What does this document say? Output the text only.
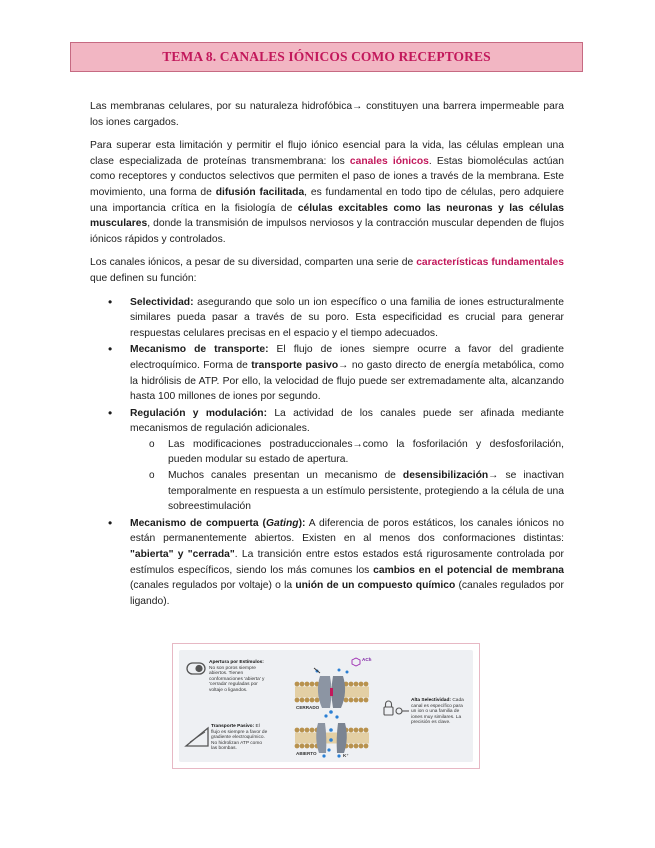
TEMA 8. CANALES IÓNICOS COMO RECEPTORES

Las membranas celulares, por su naturaleza hidrofóbica→ constituyen una barrera impermeable para los iones cargados.

Para superar esta limitación y permitir el flujo iónico esencial para la vida, las células emplean una clase especializada de proteínas transmembrana: los canales iónicos. Estas biomoléculas actúan como receptores y conductos selectivos que permiten el paso de iones a través de la membrana. Este movimiento, una forma de difusión facilitada, es fundamental en todo tipo de células, pero adquiere una importancia crítica en la fisiología de células excitables como las neuronas y las células musculares, donde la transmisión de impulsos nerviosos y la contracción muscular dependen de flujos iónicos rápidos y controlados.

Los canales iónicos, a pesar de su diversidad, comparten una serie de características fundamentales que definen su función:

• Selectividad: asegurando que solo un ion específico o una familia de iones estructuralmente similares pueda pasar a través de su poro. Esta especificidad es crucial para generar respuestas celulares precisas en el espacio y el tiempo adecuados.
• Mecanismo de transporte: El flujo de iones siempre ocurre a favor del gradiente electroquímico. Forma de transporte pasivo→ no gasto directo de energía metabólica, como la hidrólisis de ATP. Por ello, la velocidad de flujo puede ser extremadamente alta, alcanzando hasta 100 millones de iones por segundo.
• Regulación y modulación: La actividad de los canales puede ser afinada mediante mecanismos de regulación adicionales.
o Las modificaciones postraduccionales→como la fosforilación y desfosforilación, pueden modular su estado de apertura.
o Muchos canales presentan un mecanismo de desensibilización→ se inactivan temporalmente en respuesta a un estímulo persistente, protegiendo a la célula de una sobreestimulación
• Mecanismo de compuerta (Gating): A diferencia de poros estáticos, los canales iónicos no están permanentemente abiertos. Existen en al menos dos conformaciones distintas: "abierta" y "cerrada". La transición entre estos estados está rigurosamente controlada por estímulos específicos, siendo los más comunes los cambios en el potencial de membrana (canales regulados por voltaje) o la unión de un compuesto químico (canales regulados por ligando).
Apertura por Estímulos: No son poros siempre abiertos. Tienen conformaciones 'abierta' y 'cerrada' reguladas por voltaje o ligandos.
Transporte Pasivo: El flujo es siempre a favor de gradiente electroquímico. No hidrolizan ATP como las bombas.
Alta Selectividad: Cada canal es específico para un ion o una familia de iones muy similares. La precisión es clave.
CERRADO
ABIERTO
ACh
K⁺
